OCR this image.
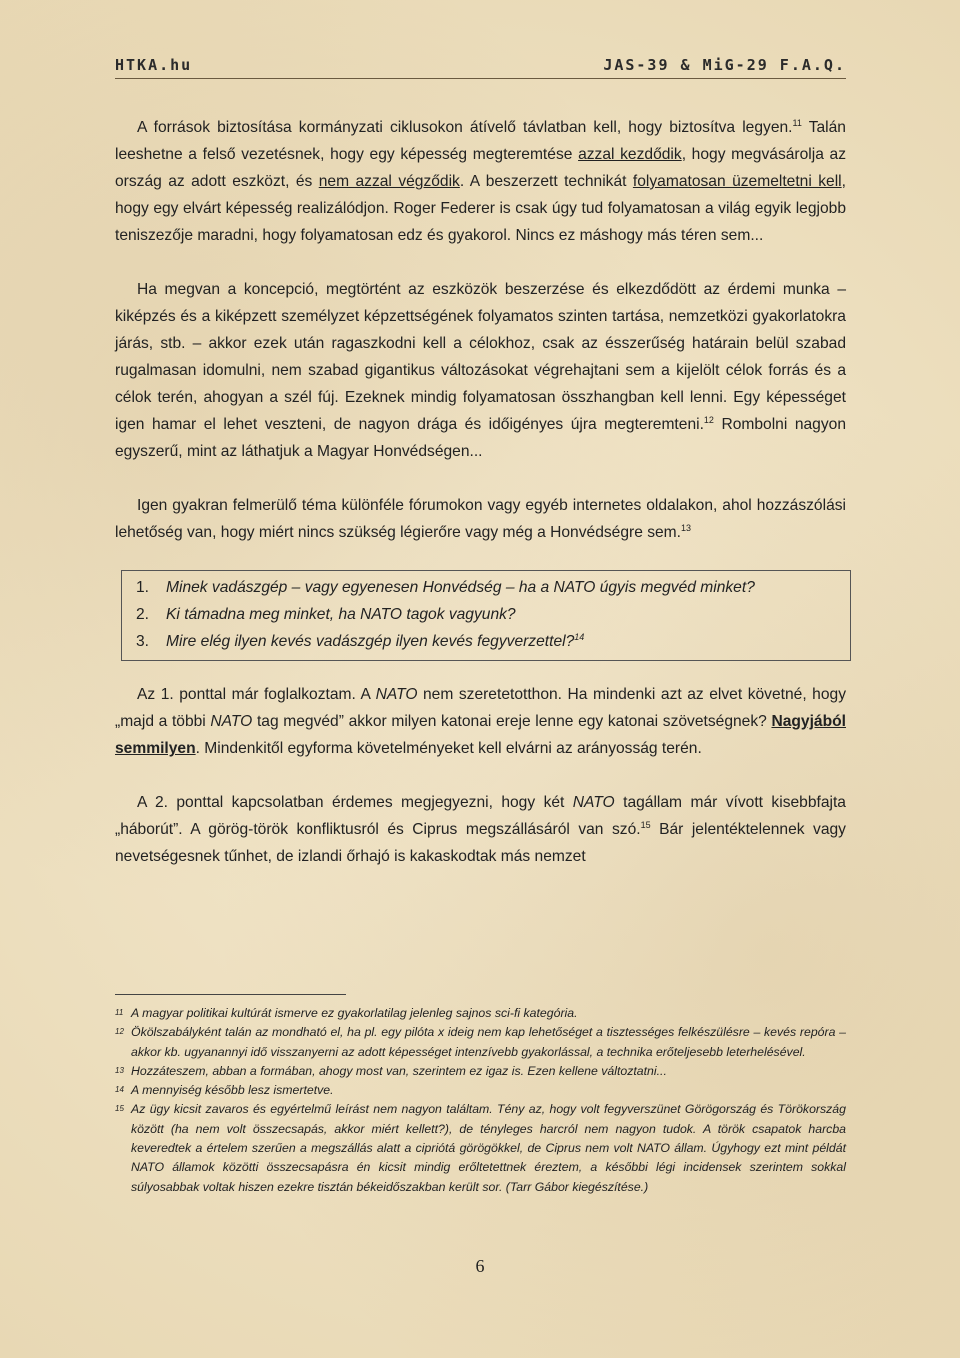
HTKA.hu	JAS-39 & MiG-29 F.A.Q.

A források biztosítása kormányzati ciklusokon átívelő távlatban kell, hogy biztosítva legyen.$^{11}$ Talán leeshetne a felső vezetésnek, hogy egy képesség megteremtése azzal kezdődik, hogy megvásárolja az ország az adott eszközt, és nem azzal végződik. A beszerzett technikát folyamatosan üzemeltetni kell, hogy egy elvárt képesség realizálódjon. Roger Federer is csak úgy tud folyamatosan a világ egyik legjobb teniszezője maradni, hogy folyamatosan edz és gyakorol. Nincs ez máshogy más téren sem...

Ha megvan a koncepció, megtörtént az eszközök beszerzése és elkezdődött az érdemi munka – kiképzés és a kiképzett személyzet képzettségének folyamatos szinten tartása, nemzetközi gyakorlatokra járás, stb. – akkor ezek után ragaszkodni kell a célokhoz, csak az ésszerűség határain belül szabad rugalmasan idomulni, nem szabad gigantikus változásokat végrehajtani sem a kijelölt célok forrás és a célok terén, ahogyan a szél fúj. Ezeknek mindig folyamatosan összhangban kell lenni. Egy képességet igen hamar el lehet veszteni, de nagyon drága és időigényes újra megteremteni.$^{12}$ Rombolni nagyon egyszerű, mint az láthatjuk a Magyar Honvédségen...

Igen gyakran felmerülő téma különféle fórumokon vagy egyéb internetes oldalakon, ahol hozzászólási lehetőség van, hogy miért nincs szükség légierőre vagy még a Honvédségre sem.$^{13}$

1. Minek vadászgép – vagy egyenesen Honvédség – ha a NATO úgyis megvéd minket?
2. Ki támadna meg minket, ha NATO tagok vagyunk?
3. Mire elég ilyen kevés vadászgép ilyen kevés fegyverzettel?$^{14}$

Az 1. ponttal már foglalkoztam. A NATO nem szeretetotthon. Ha mindenki azt az elvet követné, hogy „majd a többi NATO tag megvéd” akkor milyen katonai ereje lenne egy katonai szövetségnek? Nagyjából semmilyen. Mindenkitől egyforma követelményeket kell elvárni az arányosság terén.

A 2. ponttal kapcsolatban érdemes megjegyezni, hogy két NATO tagállam már vívott kisebbfajta „háborút”. A görög-török konfliktusról és Ciprus megszállásáról van szó.$^{15}$ Bár jelentéktelennek vagy nevetségesnek tűnhet, de izlandi őrhajó is kakaskodtak más nemzet

11 A magyar politikai kultúrát ismerve ez gyakorlatilag jelenleg sajnos sci-fi kategória.
12 Ökölszabályként talán az mondható el, ha pl. egy pilóta x ideig nem kap lehetőséget a tisztességes felkészülésre – kevés repóra – akkor kb. ugyanannyi idő visszanyerni az adott képességet intenzívebb gyakorlással, a technika erőteljesebb leterhelésével.
13 Hozzáteszem, abban a formában, ahogy most van, szerintem ez igaz is. Ezen kellene változtatni...
14 A mennyiség később lesz ismertetve.
15 Az ügy kicsit zavaros és egyértelmű leírást nem nagyon találtam. Tény az, hogy volt fegyverszünet Görögország és Törökország között (ha nem volt összecsapás, akkor miért kellett?), de tényleges harcról nem nagyon tudok. A török csapatok harcba keveredtek a értelem szerűen a megszállás alatt a cipriótá görögökkel, de Ciprus nem volt NATO állam. Úgyhogy ezt mint példát NATO államok közötti összecsapásra én kicsit mindig erőltetettnek éreztem, a későbbi légi incidensek szerintem sokkal súlyosabbak voltak hiszen ezekre tisztán békeidőszakban került sor. (Tarr Gábor kiegészítése.)
6
